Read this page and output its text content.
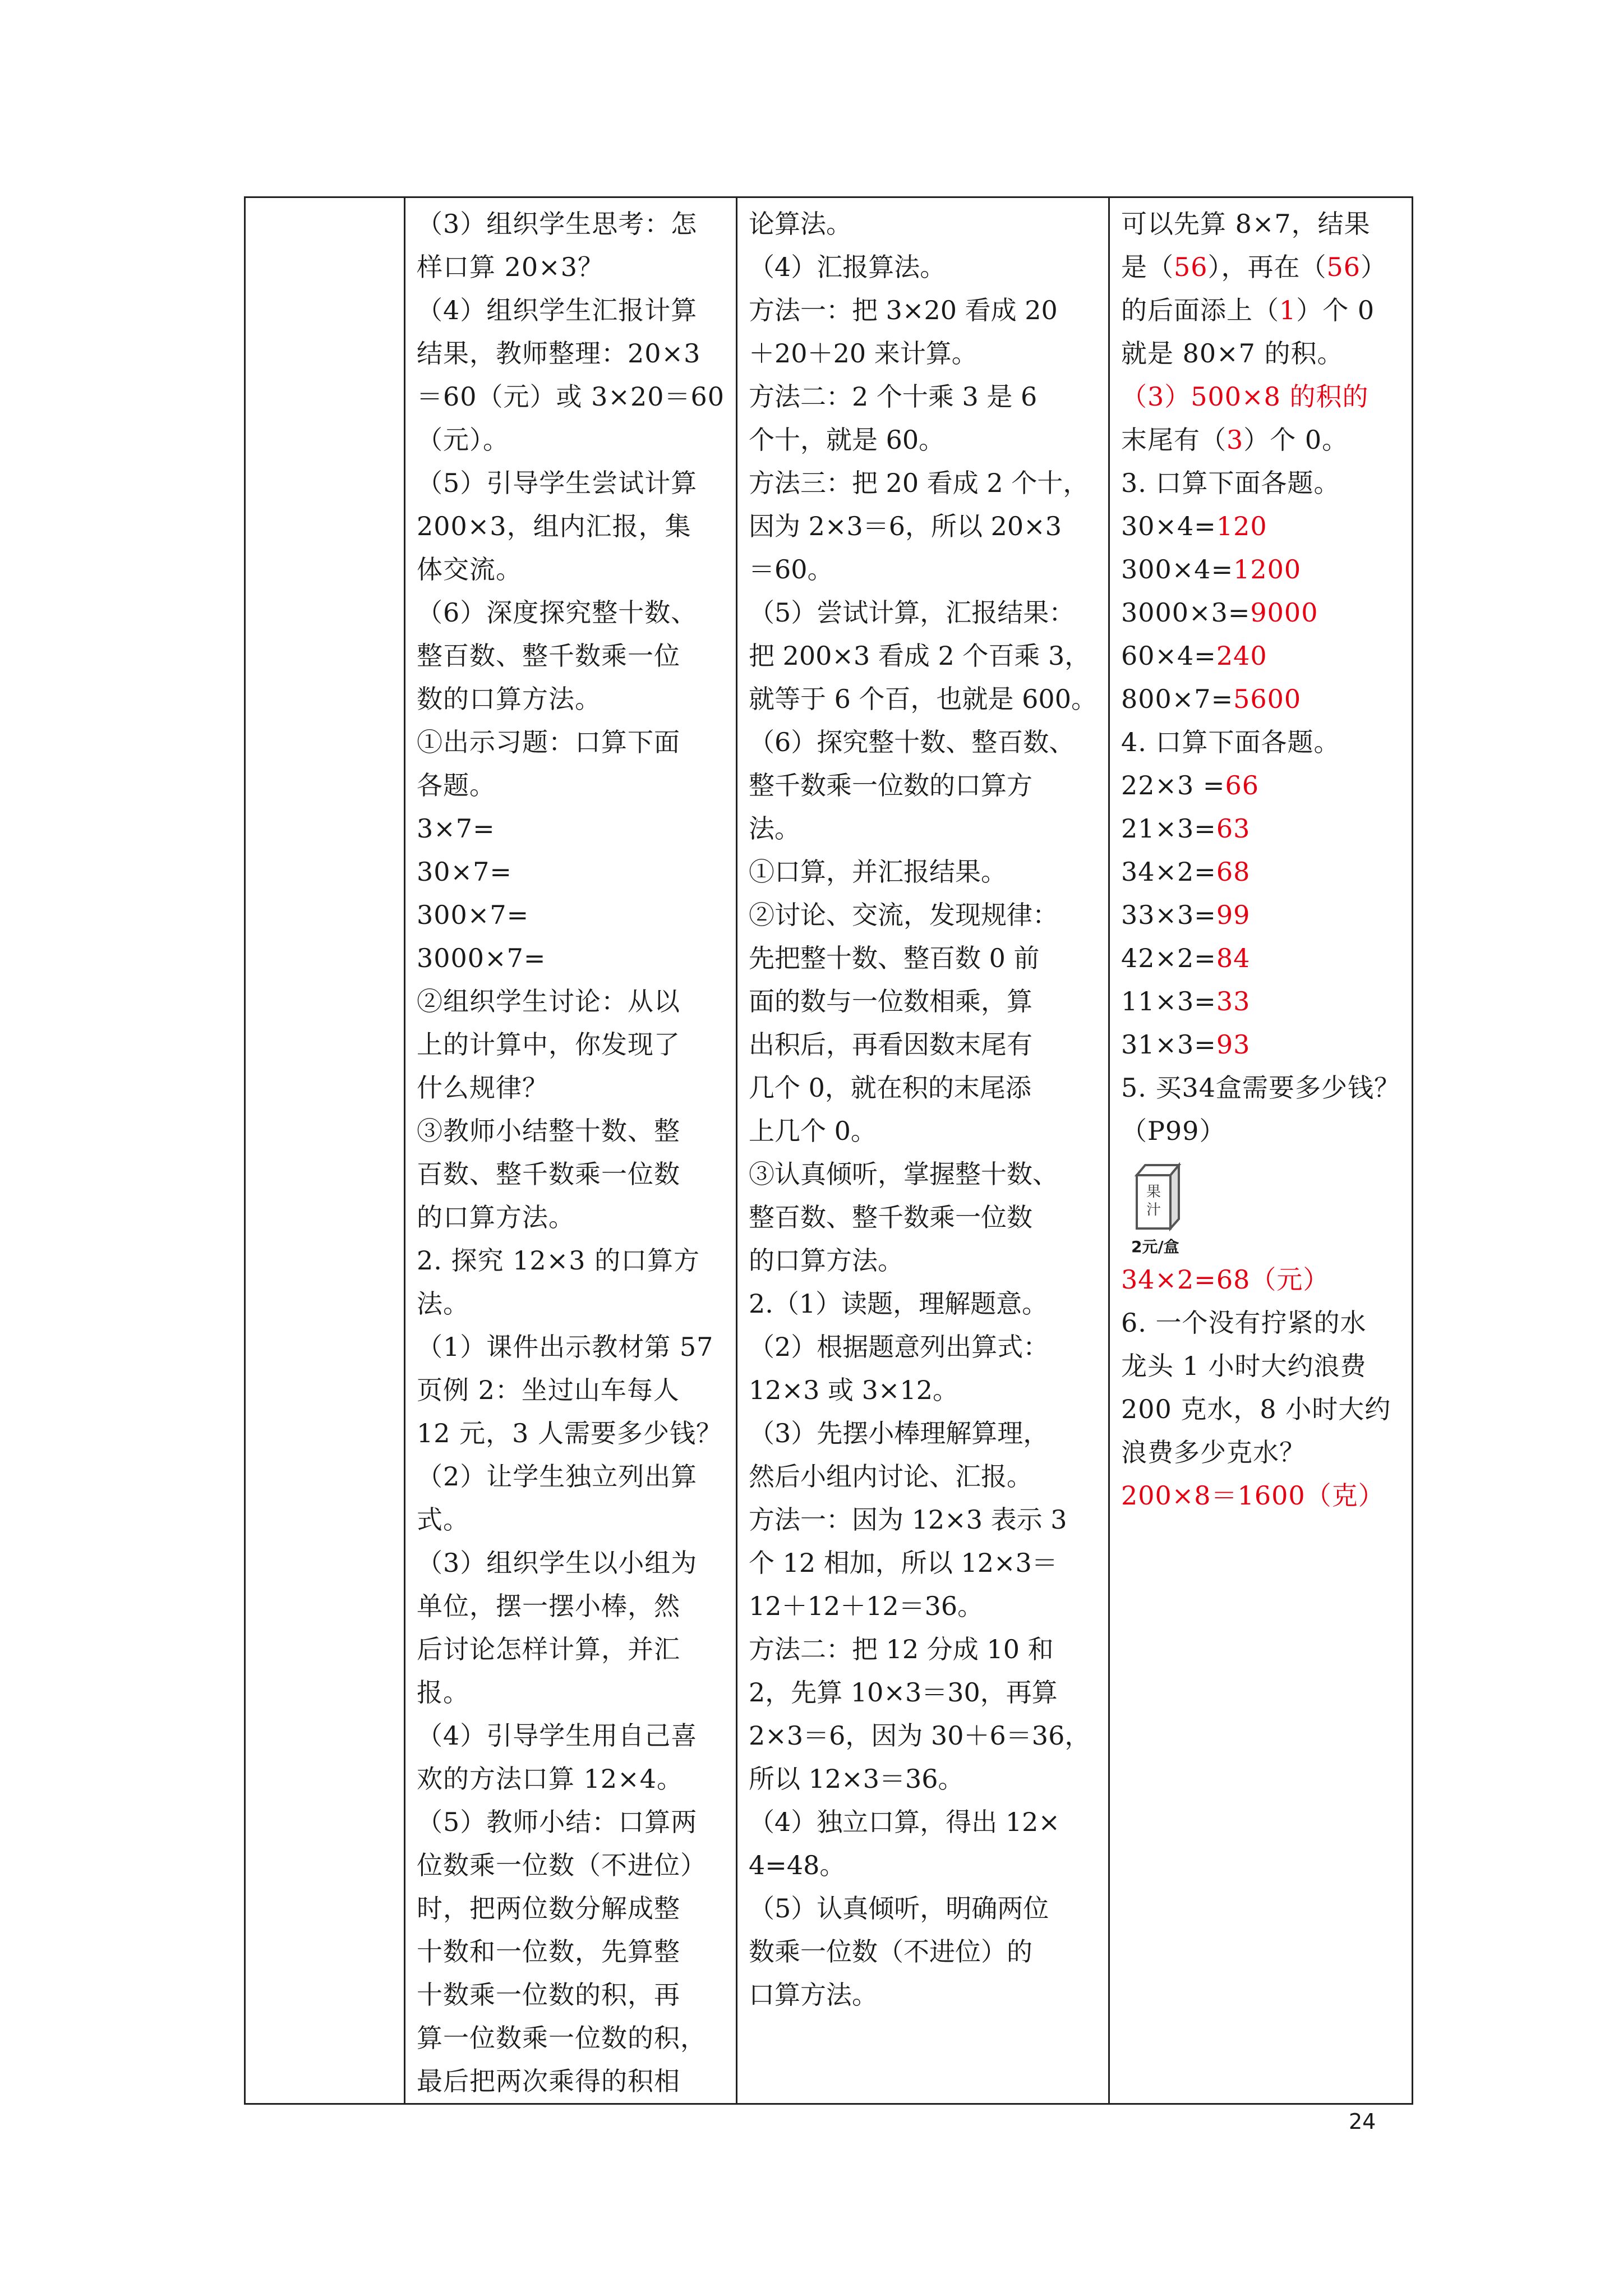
（3）组织学生思考：怎
样口算 20×3？
（4）组织学生汇报计算
结果，教师整理：20×3
＝60（元）或 3×20＝60
（元）。
（5）引导学生尝试计算
200×3，组内汇报，集
体交流。
（6）深度探究整十数、
整百数、整千数乘一位
数的口算方法。
①出示习题：口算下面
各题。
3×7=
30×7=
300×7=
3000×7=
②组织学生讨论：从以
上的计算中，你发现了
什么规律？
③教师小结整十数、整
百数、整千数乘一位数
的口算方法。
2. 探究 12×3 的口算方
法。
（1）课件出示教材第 57
页例 2：坐过山车每人
12 元，3 人需要多少钱？
（2）让学生独立列出算
式。
（3）组织学生以小组为
单位，摆一摆小棒，然
后讨论怎样计算，并汇
报。
（4）引导学生用自己喜
欢的方法口算 12×4。
（5）教师小结：口算两
位数乘一位数（不进位）
时，把两位数分解成整
十数和一位数，先算整
十数乘一位数的积，再
算一位数乘一位数的积，
最后把两次乘得的积相

论算法。
（4）汇报算法。
方法一：把 3×20 看成 20
＋20＋20 来计算。
方法二：2 个十乘 3 是 6
个十，就是 60。
方法三：把 20 看成 2 个十，
因为 2×3＝6，所以 20×3
＝60。
（5）尝试计算，汇报结果：
把 200×3 看成 2 个百乘 3，
就等于 6 个百，也就是 600。
（6）探究整十数、整百数、
整千数乘一位数的口算方
法。
①口算，并汇报结果。
②讨论、交流，发现规律：
先把整十数、整百数 0 前
面的数与一位数相乘，算
出积后，再看因数末尾有
几个 0，就在积的末尾添
上几个 0。
③认真倾听，掌握整十数、
整百数、整千数乘一位数
的口算方法。
2.（1）读题，理解题意。
（2）根据题意列出算式：
12×3 或 3×12。
（3）先摆小棒理解算理，
然后小组内讨论、汇报。
方法一：因为 12×3 表示 3
个 12 相加，所以 12×3＝
12＋12＋12＝36。
方法二：把 12 分成 10 和
2，先算 10×3＝30，再算
2×3＝6，因为 30＋6＝36，
所以 12×3＝36。
（4）独立口算，得出 12×
4=48。
（5）认真倾听，明确两位
数乘一位数（不进位）的
口算方法。

可以先算 8×7，结果
是（56），再在（56）
的后面添上（1）个 0
就是 80×7 的积。
（3）500×8 的积的
末尾有（3）个 0。
3. 口算下面各题。
30×4=120
300×4=1200
3000×3=9000
60×4=240
800×7=5600
4. 口算下面各题。
22×3 =66
21×3=63
34×2=68
33×3=99
42×2=84
11×3=33
31×3=93
5. 买34盒需要多少钱？
（P99）
果
汁
2元/盒
34×2=68（元）
6. 一个没有拧紧的水
龙头 1 小时大约浪费
200 克水，8 小时大约
浪费多少克水？
200×8＝1600（克）
24
